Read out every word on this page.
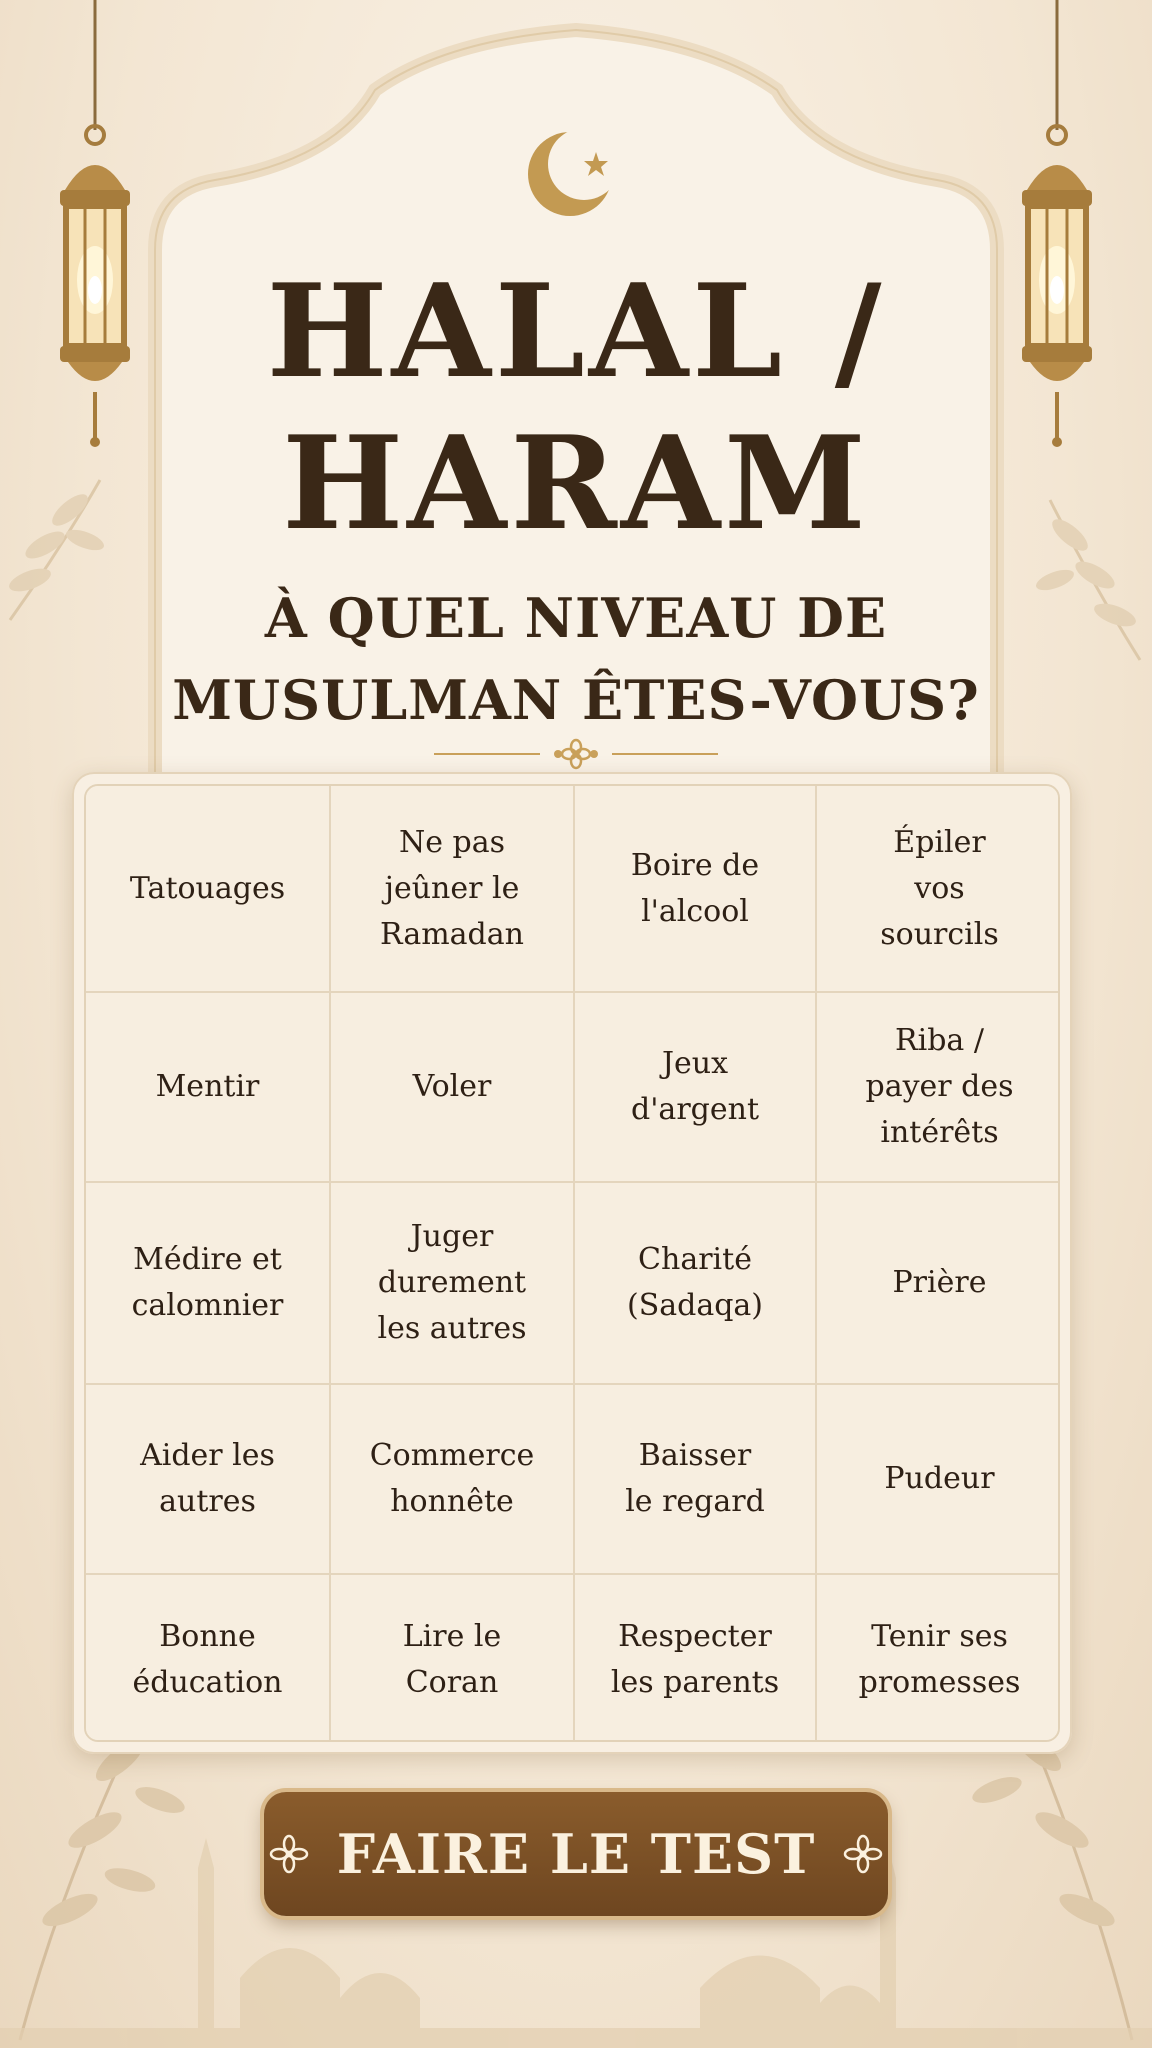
HALAL /
HARAM
À QUEL NIVEAU DE
MUSULMAN ÊTES-VOUS?
Tatouages
Ne pas
jeûner le
Ramadan
Boire de
l'alcool
Épiler
vos
sourcils
Mentir	Voler
Jeux
d'argent
Riba /
payer des
intérêts
Médire et
calomnier
Juger
durement
les autres
Charité
(Sadaqa)
Prière
Aider les
autres
Commerce
honnête
Baisser
le regard
Pudeur
Bonne
éducation
Lire le
Coran
Respecter
les parents
Tenir ses
promesses
FAIRE LE TEST
